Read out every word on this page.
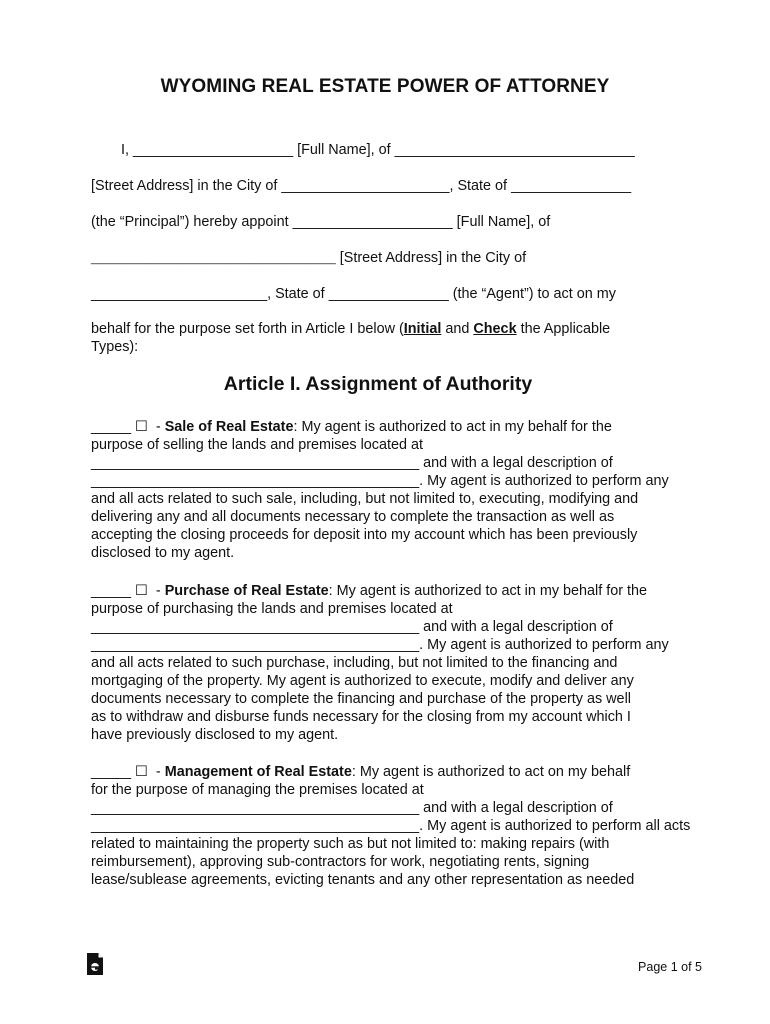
WYOMING REAL ESTATE POWER OF ATTORNEY
I, ____________________ [Full Name], of ______________________________
[Street Address] in the City of _____________________, State of _______________
(the “Principal”) hereby appoint ____________________ [Full Name], of
________________________________________ [Street Address] in the City of
______________________, State of _______________ (the “Agent”) to act on my

behalf for the purpose set forth in Article I below (Initial and Check the Applicable

Types):

Article I. Assignment of Authority

_____ ☐  - Sale of Real Estate: My agent is authorized to act in my behalf for the

purpose of selling the lands and premises located at

_________________________________________ and with a legal description of

_________________________________________. My agent is authorized to perform any

and all acts related to such sale, including, but not limited to, executing, modifying and

delivering any and all documents necessary to complete the transaction as well as

accepting the closing proceeds for deposit into my account which has been previously

disclosed to my agent.

_____ ☐  - Purchase of Real Estate: My agent is authorized to act in my behalf for the

purpose of purchasing the lands and premises located at

_________________________________________ and with a legal description of

_________________________________________. My agent is authorized to perform any

and all acts related to such purchase, including, but not limited to the financing and

mortgaging of the property. My agent is authorized to execute, modify and deliver any

documents necessary to complete the financing and purchase of the property as well

as to withdraw and disburse funds necessary for the closing from my account which I

have previously disclosed to my agent.

_____ ☐  - Management of Real Estate: My agent is authorized to act on my behalf

for the purpose of managing the premises located at

_________________________________________ and with a legal description of

_________________________________________. My agent is authorized to perform all acts

related to maintaining the property such as but not limited to: making repairs (with

reimbursement), approving sub-contractors for work, negotiating rents, signing

lease/sublease agreements, evicting tenants and any other representation as needed

Page 1 of 5
